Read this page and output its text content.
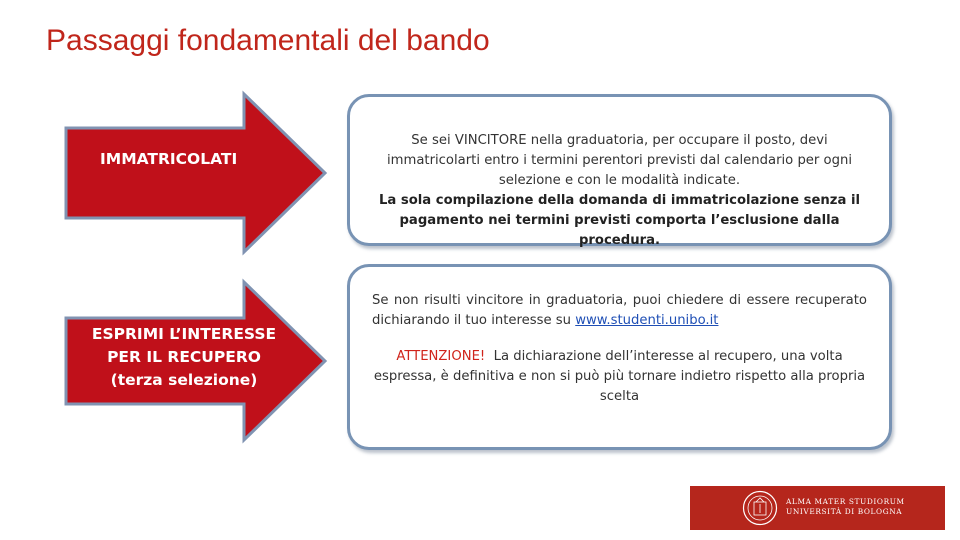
Passaggi fondamentali del bando
IMMATRICOLATI
Se sei VINCITORE nella graduatoria, per occupare il posto, devi
immatricolarti entro i termini perentori previsti dal calendario per ogni
selezione e con le modalità indicate.
La sola compilazione della domanda di immatricolazione senza il
pagamento nei termini previsti comporta l’esclusione dalla procedura.
ESPRIMI L’INTERESSE
PER IL RECUPERO
(terza selezione)
Se non risulti vincitore in graduatoria, puoi chiedere di essere recuperato dichiarando il tuo interesse su www.studenti.unibo.it
ATTENZIONE! La dichiarazione dell’interesse al recupero, una volta espressa, è definitiva e non si può più tornare indietro rispetto alla propria scelta
ALMA MATER STUDIORUM
UNIVERSITÀ DI BOLOGNA
